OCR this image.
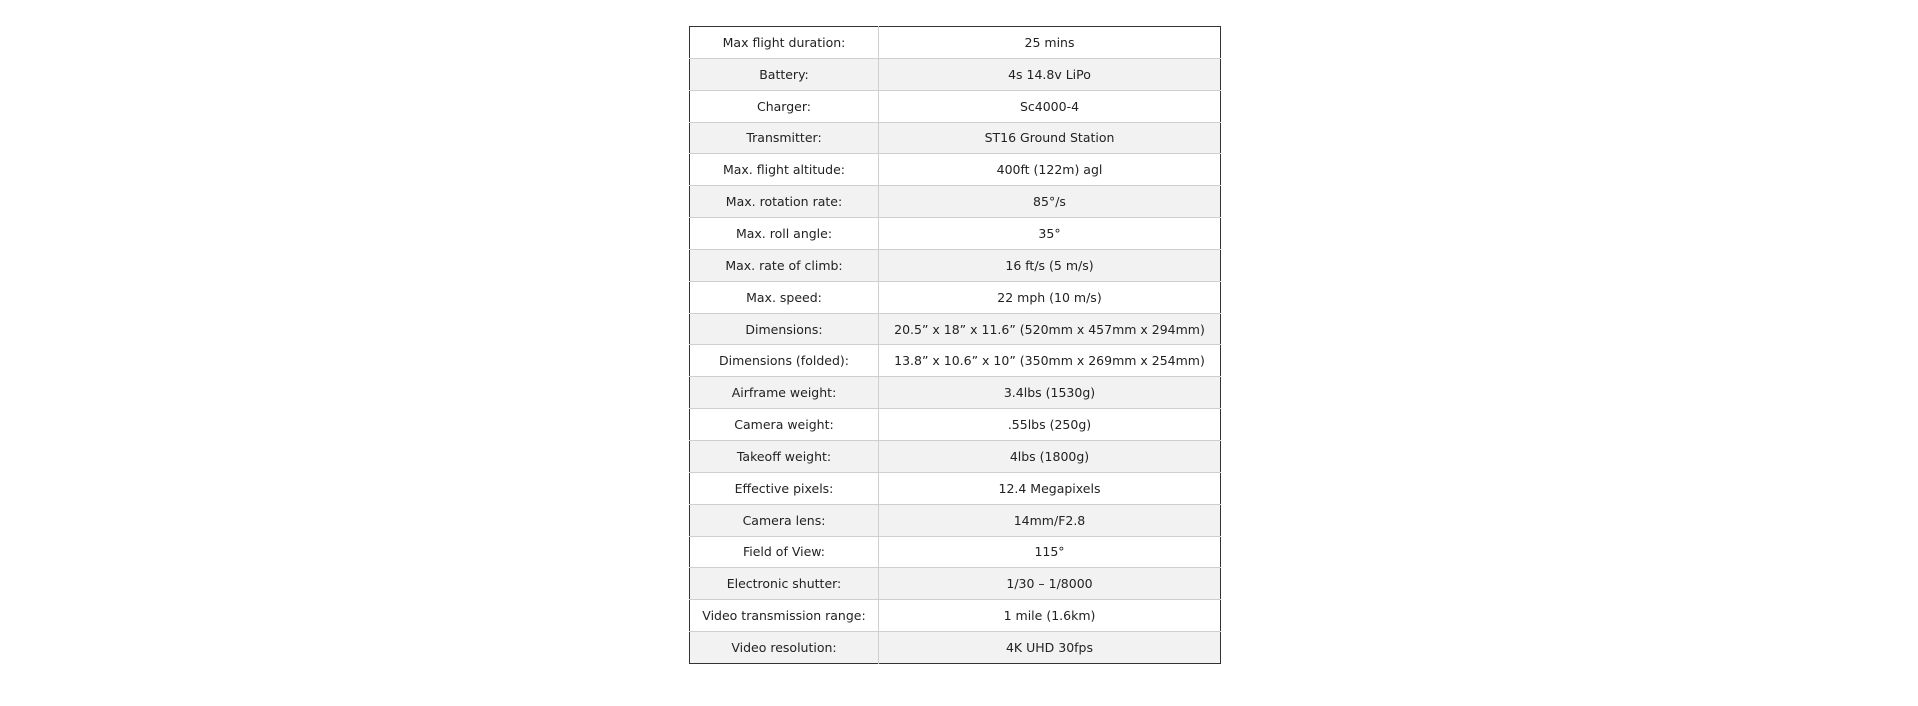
Max flight duration:	25 mins
Battery:	4s 14.8v LiPo
Charger:	Sc4000-4
Transmitter:	ST16 Ground Station
Max. flight altitude:	400ft (122m) agl
Max. rotation rate:	85°/s
Max. roll angle:	35°
Max. rate of climb:	16 ft/s (5 m/s)
Max. speed:	22 mph (10 m/s)
Dimensions:	20.5” x 18” x 11.6” (520mm x 457mm x 294mm)
Dimensions (folded):	13.8” x 10.6” x 10” (350mm x 269mm x 254mm)
Airframe weight:	3.4lbs (1530g)
Camera weight:	.55lbs (250g)
Takeoff weight:	4lbs (1800g)
Effective pixels:	12.4 Megapixels
Camera lens:	14mm/F2.8
Field of View:	115°
Electronic shutter:	1/30 – 1/8000
Video transmission range:	1 mile (1.6km)
Video resolution:	4K UHD 30fps
